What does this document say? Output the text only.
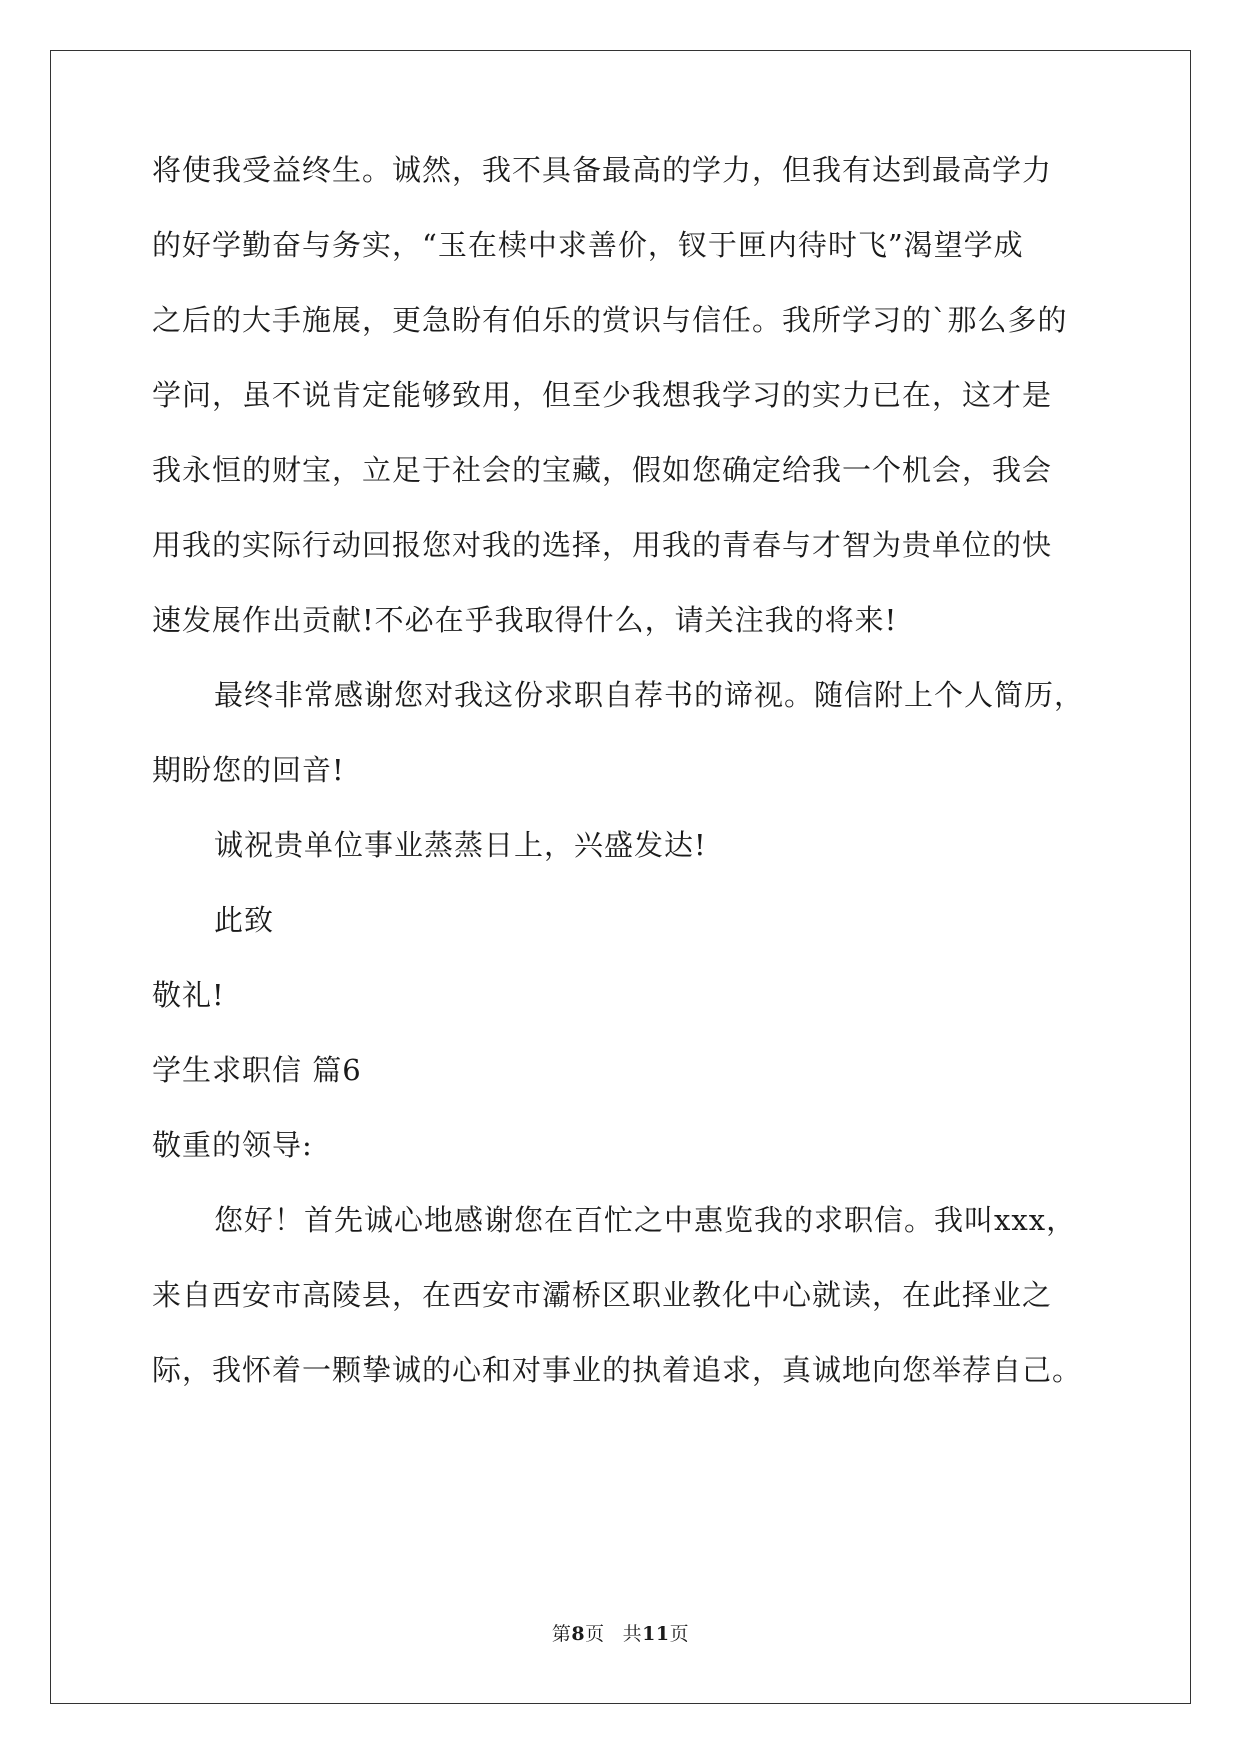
将使我受益终生。诚然，我不具备最高的学力，但我有达到最高学力
的好学勤奋与务实，“玉在椟中求善价，钗于匣内待时飞”渴望学成
之后的大手施展，更急盼有伯乐的赏识与信任。我所学习的`那么多的
学问，虽不说肯定能够致用，但至少我想我学习的实力已在，这才是
我永恒的财宝，立足于社会的宝藏，假如您确定给我一个机会，我会
用我的实际行动回报您对我的选择，用我的青春与才智为贵单位的快
速发展作出贡献!不必在乎我取得什么，请关注我的将来!
最终非常感谢您对我这份求职自荐书的谛视。随信附上个人简历，
期盼您的回音!
诚祝贵单位事业蒸蒸日上，兴盛发达!
此致
敬礼!
学生求职信 篇6
敬重的领导:
您好！首先诚心地感谢您在百忙之中惠览我的求职信。我叫xxx，
来自西安市高陵县，在西安市灞桥区职业教化中心就读，在此择业之
际，我怀着一颗挚诚的心和对事业的执着追求，真诚地向您举荐自己。
第8页 共11页
